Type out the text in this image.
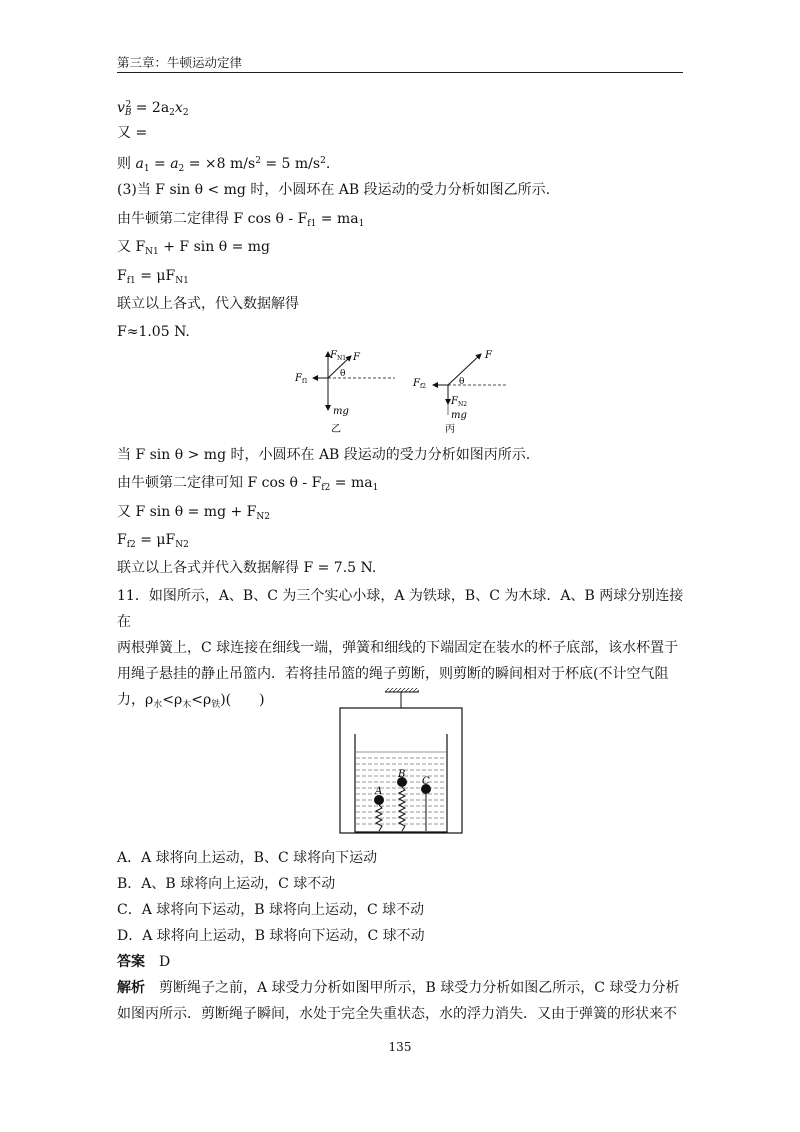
第三章：牛顿运动定律
$v_B^2 = 2a_2x_2$
又 =
则 $a_1 = a_2 = \times 8$ $m/s^2 = 5$ $m/s^2$.
(3)当 F sin θ < mg 时，小圆环在 AB 段运动的受力分析如图乙所示.
由牛顿第二定律得 F $\cos \theta - F_{f1} = ma_1$
又 $F_{N1} + F$ sin θ = mg
$F_{f1} = \mu F_{N1}$
联立以上各式，代入数据解得
F≈1.05 N.
$F_{N1}$ F
θ
$F_{f1}$
mg
乙
F
θ
$F_{f2}$
$F_{N2}$
mg
丙
当 F sin θ > mg 时，小圆环在 AB 段运动的受力分析如图丙所示.
由牛顿第二定律可知 F $\cos \theta - F_{f2} = ma_1$
又 F sin θ = mg + $F_{N2}$
$F_{f2} = \mu F_{N2}$
联立以上各式并代入数据解得 F = 7.5 N.
11．如图所示，A、B、C 为三个实心小球，A 为铁球，B、C 为木球．A、B 两球分别连接在
两根弹簧上，C 球连接在细线一端，弹簧和细线的下端固定在装水的杯子底部，该水杯置于
用绳子悬挂的静止吊篮内．若将挂吊篮的绳子剪断，则剪断的瞬间相对于杯底(不计空气阻
力，$\rho_水<\rho_木<\rho_铁$)(　　)
A
B
C
A．A 球将向上运动，B、C 球将向下运动
B．A、B 球将向上运动，C 球不动
C．A 球将向下运动，B 球将向上运动，C 球不动
D．A 球将向上运动，B 球将向下运动，C 球不动
答案　 D
解析　 剪断绳子之前，A 球受力分析如图甲所示，B 球受力分析如图乙所示，C 球受力分析
如图丙所示．剪断绳子瞬间，水处于完全失重状态，水的浮力消失．又由于弹簧的形状来不
135
